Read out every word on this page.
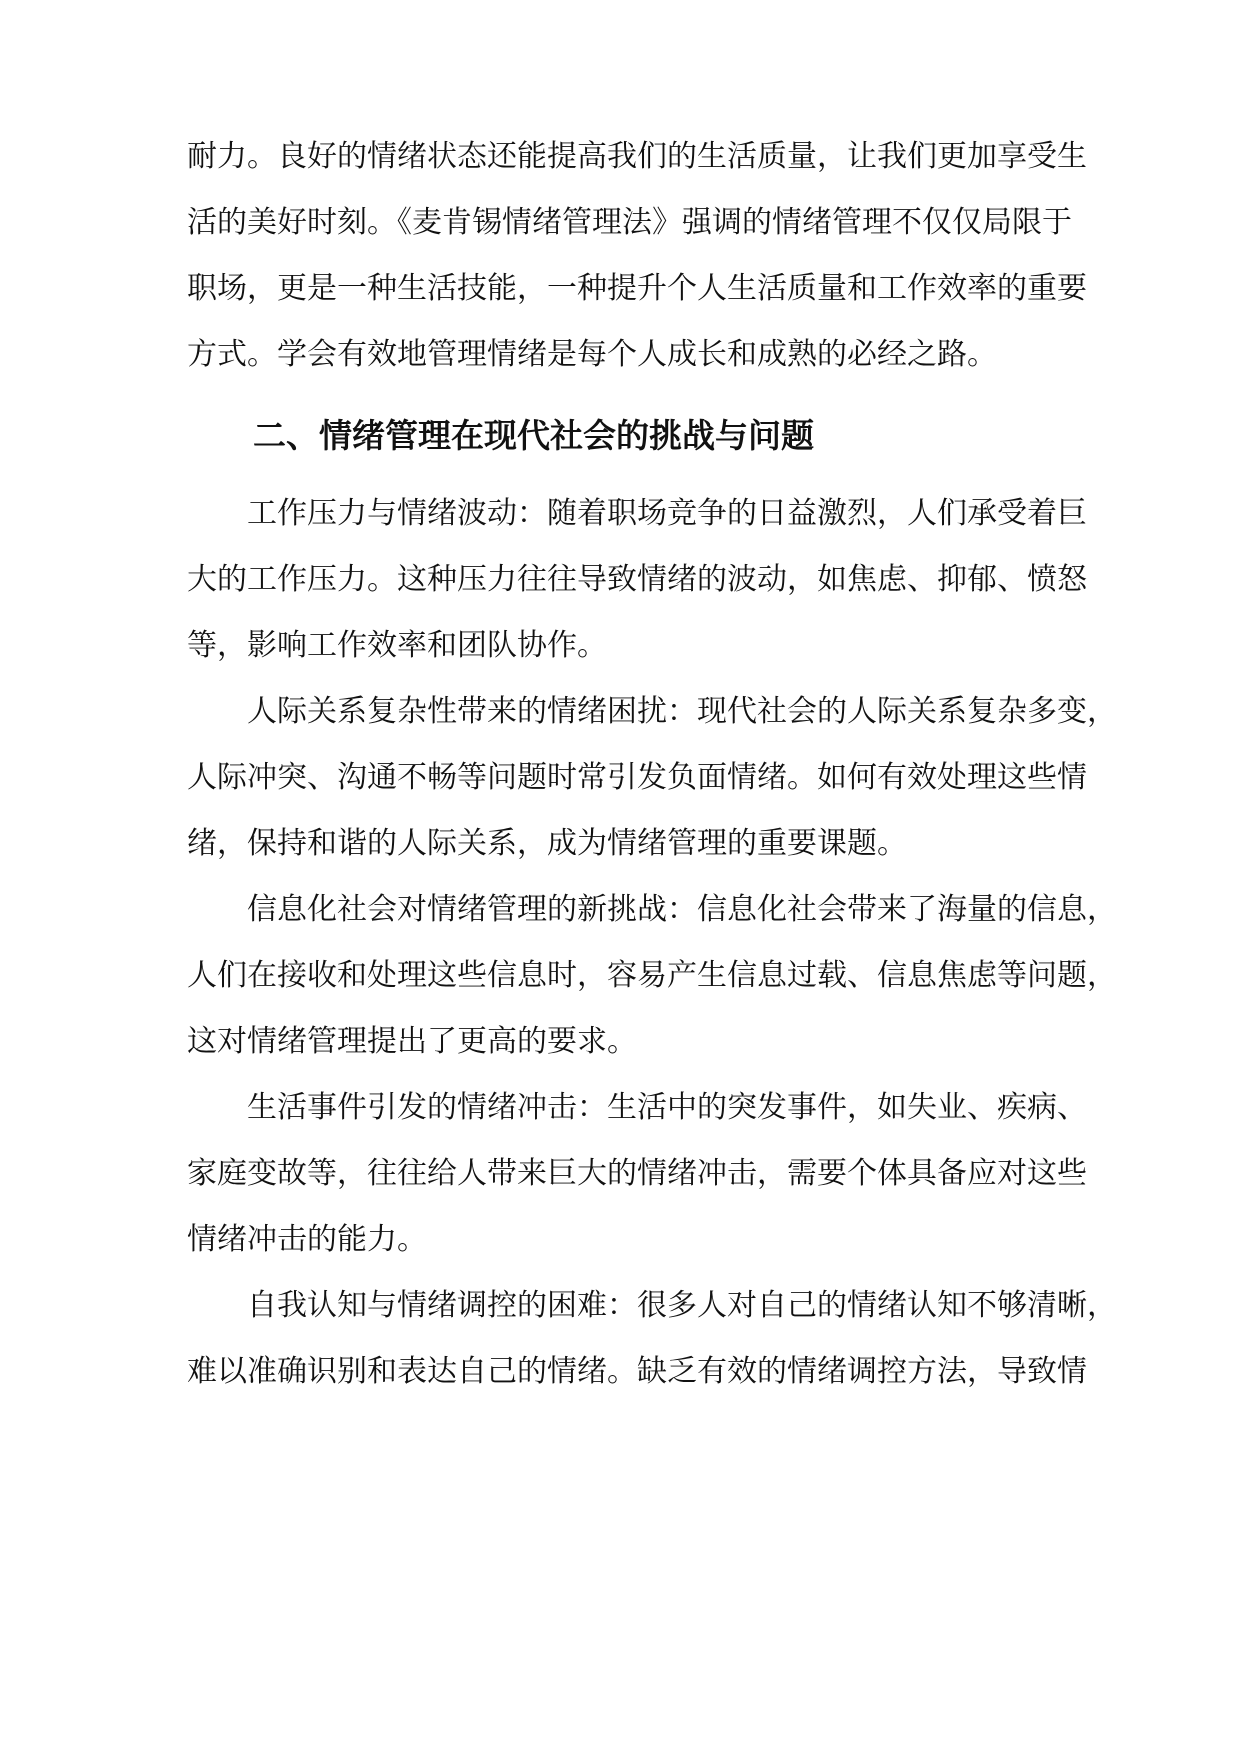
耐力。良好的情绪状态还能提高我们的生活质量，让我们更加享受生
活的美好时刻。《麦肯锡情绪管理法》强调的情绪管理不仅仅局限于
职场，更是一种生活技能，一种提升个人生活质量和工作效率的重要
方式。学会有效地管理情绪是每个人成长和成熟的必经之路。
二、情绪管理在现代社会的挑战与问题
工作压力与情绪波动：随着职场竞争的日益激烈，人们承受着巨
大的工作压力。这种压力往往导致情绪的波动，如焦虑、抑郁、愤怒
等，影响工作效率和团队协作。
人际关系复杂性带来的情绪困扰：现代社会的人际关系复杂多变，
人际冲突、沟通不畅等问题时常引发负面情绪。如何有效处理这些情
绪，保持和谐的人际关系，成为情绪管理的重要课题。
信息化社会对情绪管理的新挑战：信息化社会带来了海量的信息，
人们在接收和处理这些信息时，容易产生信息过载、信息焦虑等问题，
这对情绪管理提出了更高的要求。
生活事件引发的情绪冲击：生活中的突发事件，如失业、疾病、
家庭变故等，往往给人带来巨大的情绪冲击，需要个体具备应对这些
情绪冲击的能力。
自我认知与情绪调控的困难：很多人对自己的情绪认知不够清晰，
难以准确识别和表达自己的情绪。缺乏有效的情绪调控方法，导致情
